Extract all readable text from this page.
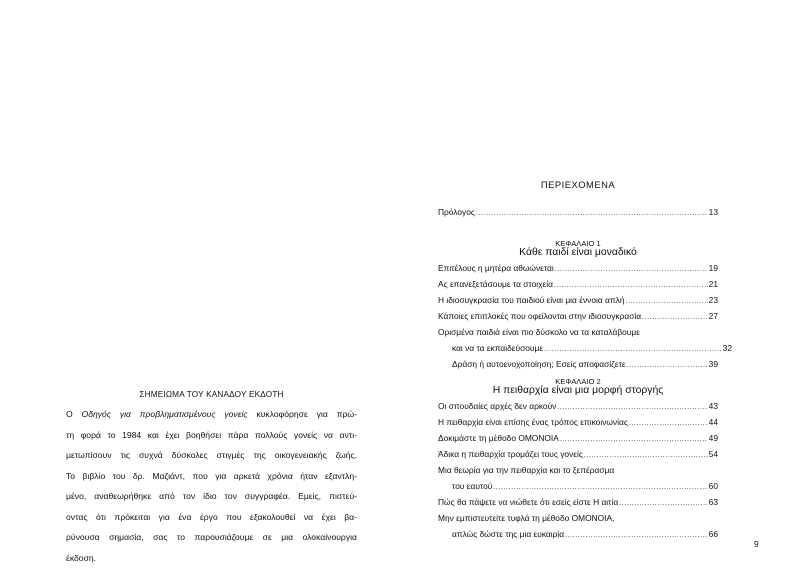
ΣΗΜΕΙΩΜΑ ΤΟΥ ΚΑΝΑΔΟΥ ΕΚΔΟΤΗ
Ο Οδηγός για προβληματισμένους γονείς κυκλοφόρησε για πρώ-
τη φορά το 1984 και έχει βοηθήσει πάρα πολλούς γονείς να αντι-
μετωπίσουν τις συχνά δύσκολες στιγμές της οικογενειακής ζωής.
Το βιβλίο του δρ. Μαζιάντ, που για αρκετά χρόνια ήταν εξαντλη-
μένο, αναθεωρήθηκε από τον ίδιο τον συγγραφέα. Εμείς, πιστεύ-
οντας ότι πρόκειται για ένα έργο που εξακολουθεί να έχει βα-
ρύνουσα σημασία, σας το παρουσιάζουμε σε μια ολοκαίνουργια
έκδοση.
ΠΕΡΙΕΧΟΜΕΝΑ
Πρόλογος .....	13
ΚΕΦΑΛΑΙΟ 1
Κάθε παιδί είναι μοναδικό
Επιτέλους η μητέρα αθωώνεται .....	19
Ας επανεξετάσουμε τα στοιχεία .....	21
Η ιδιοσυγκρασία του παιδιού είναι μια έννοια απλή .....	23
Κάποιες επιπλοκές που οφείλονται στην ιδιοσυγκρασία .....	27
Ορισμένα παιδιά είναι πιο δύσκολο να τα καταλάβουμε
και να τα εκπαιδεύσουμε .....	32
Δράση ή αυτοενοχοποίηση; Εσείς αποφασίζετε .....	39
ΚΕΦΑΛΑΙΟ 2
Η πειθαρχία είναι μια μορφή στοργής
Οι σπουδαίες αρχές δεν αρκούν .....	43
Η πειθαρχία είναι επίσης ένας τρόπος επικοινωνίας .....	44
Δοκιμάστε τη μέθοδο ΟΜΟΝΟΙΑ .....	49
Άδικα η πειθαρχία τρομάζει τους γονείς .....	54
Μια θεωρία για την πειθαρχία και το ξεπέρασμα
του εαυτού .....	60
Πώς θα πάψετε να νιώθετε ότι εσείς είστε Η αιτία .....	63
Μην εμπιστευτείτε τυφλά τη μέθοδο ΟΜΟΝΟΙΑ,
απλώς δώστε της μια ευκαιρία .....	66
9
